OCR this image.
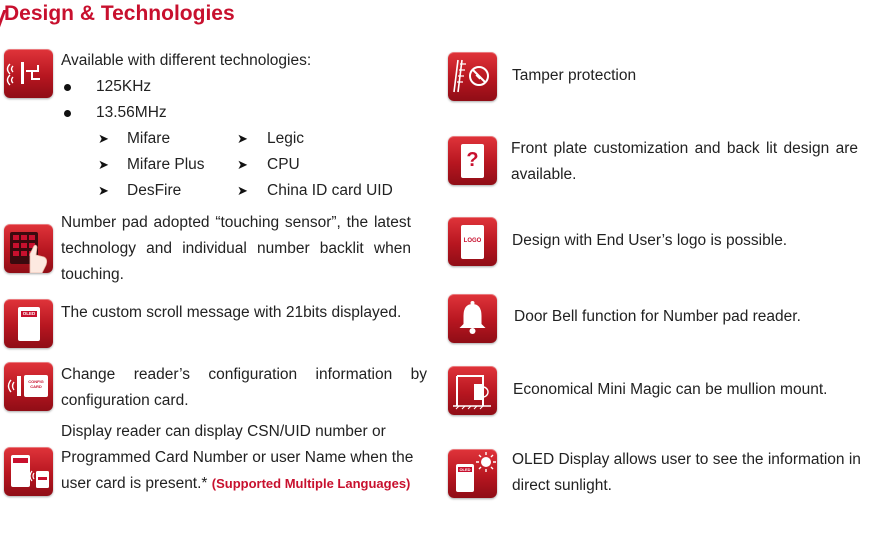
Design & Technologies
Available with different technologies:
125KHz
13.56MHz
➤ Mifare
➤ Mifare Plus
➤ DesFire
➤ Legic
➤ CPU
➤ China ID card UID
Number pad adopted “touching sensor”, the latest technology and individual number backlit when touching.
OLED The custom scroll message with 21bits displayed.
CONFIG CARD
Change reader’s configuration information by configuration card.
Display reader can display CSN/UID number or Programmed Card Number or user Name when the user card is present.* (Supported Multiple Languages)
Tamper protection
?
Front plate customization and back lit design are available.
LOGO Design with End User’s logo is possible.
Door Bell function for Number pad reader.
Economical Mini Magic can be mullion mount.
OLED
OLED Display allows user to see the information in direct sunlight.
